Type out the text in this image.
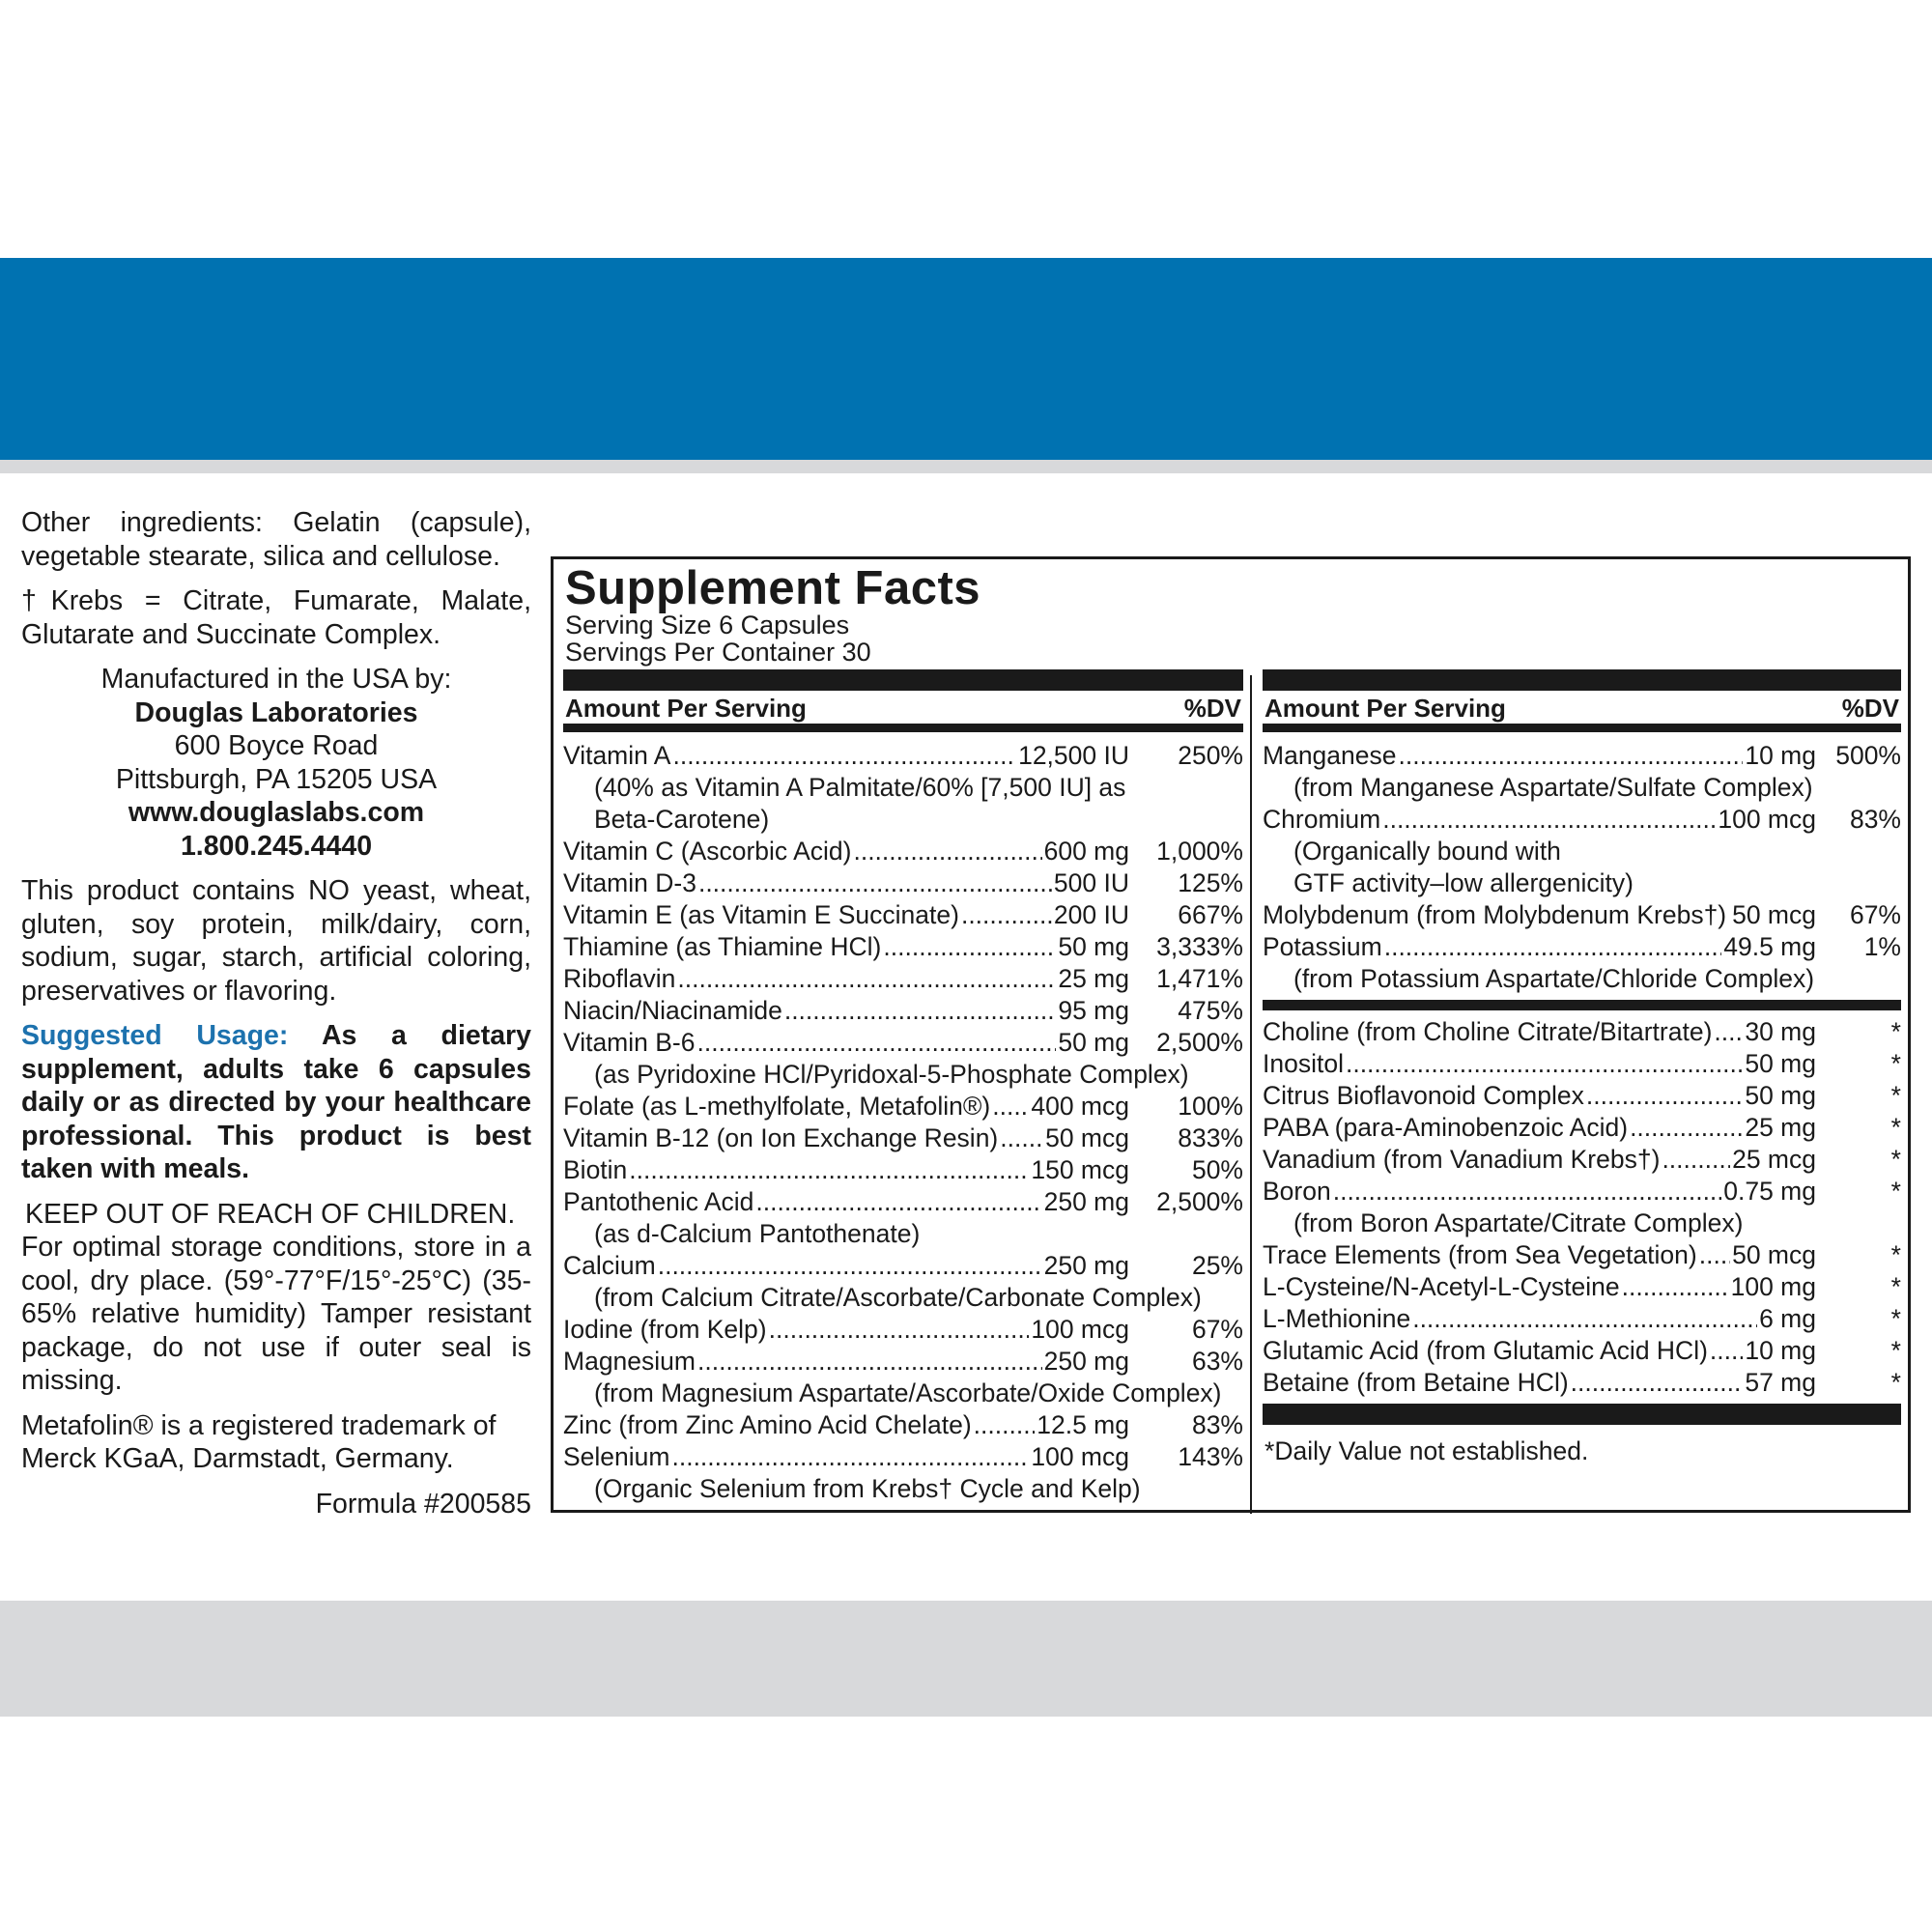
Other ingredients: Gelatin (capsule), vegetable stearate, silica and cellulose.

†Krebs = Citrate, Fumarate, Malate, Glutarate and Succinate Complex.

Manufactured in the USA by:

Douglas Laboratories

600 Boyce Road

Pittsburgh, PA 15205 USA

www.douglaslabs.com

1.800.245.4440

This product contains NO yeast, wheat, gluten, soy protein, milk/dairy, corn, sodium, sugar, starch, artificial coloring, preservatives or flavoring.

Suggested Usage: As a dietary supplement, adults take 6 capsules daily or as directed by your healthcare professional. This product is best taken with meals.

KEEP OUT OF REACH OF CHILDREN.

For optimal storage conditions, store in a cool, dry place. (59°-77°F/15°-25°C) (35-65% relative humidity) Tamper resistant package, do not use if outer seal is missing.

Metafolin® is a registered trademark of Merck KGaA, Darmstadt, Germany.

Formula #200585

Supplement Facts
Serving Size 6 Capsules
Servings Per Container 30
Amount Per Serving	%DV
Vitamin A .....	12,500 IU	250%
(40% as Vitamin A Palmitate/60% [7,500 IU] as
Beta-Carotene)
Vitamin C (Ascorbic Acid) .....	600 mg	1,000%
Vitamin D-3 .....	500 IU	125%
Vitamin E (as Vitamin E Succinate) .....	200 IU	667%
Thiamine (as Thiamine HCl) .....	50 mg	3,333%
Riboflavin .....	25 mg	1,471%
Niacin/Niacinamide .....	95 mg	475%
Vitamin B-6 .....	50 mg	2,500%
(as Pyridoxine HCl/Pyridoxal-5-Phosphate Complex)
Folate (as L-methylfolate, Metafolin®) ..... 400 mcg	100%
Vitamin B-12 (on Ion Exchange Resin) ..... 50 mcg	833%
Biotin .....	150 mcg	50%
Pantothenic Acid .....	250 mg	2,500%
(as d-Calcium Pantothenate)
Calcium .....	250 mg	25%
(from Calcium Citrate/Ascorbate/Carbonate Complex)
Iodine (from Kelp) .....	100 mcg	67%
Magnesium .....	250 mg	63%
(from Magnesium Aspartate/Ascorbate/Oxide Complex)
Zinc (from Zinc Amino Acid Chelate) .....	12.5 mg	83%
Selenium .....	100 mcg	143%
(Organic Selenium from Krebs† Cycle and Kelp)
Amount Per Serving	%DV
Manganese .....	10 mg 500%
(from Manganese Aspartate/Sulfate Complex)
Chromium .....	100 mcg	83%
(Organically bound with
GTF activity–low allergenicity)
Molybdenum (from Molybdenum Krebs†) ..... 50 mcg	67%
Potassium .....	49.5 mg	1%
(from Potassium Aspartate/Chloride Complex)
Choline (from Choline Citrate/Bitartrate) ..... 30 mg	*
Inositol .....	50 mg	*
Citrus Bioflavonoid Complex .....	50 mg	*
PABA (para-Aminobenzoic Acid) .....	25 mg	*
Vanadium (from Vanadium Krebs†) .....	25 mcg	*
Boron .....	0.75 mg	*
(from Boron Aspartate/Citrate Complex)
Trace Elements (from Sea Vegetation) ..... 50 mcg	*
L-Cysteine/N-Acetyl-L-Cysteine .....	100 mg	*
L-Methionine .....	6 mg	*
Glutamic Acid (from Glutamic Acid HCl) ..... 10 mg	*
Betaine (from Betaine HCl) .....	57 mg	*
*Daily Value not established.
